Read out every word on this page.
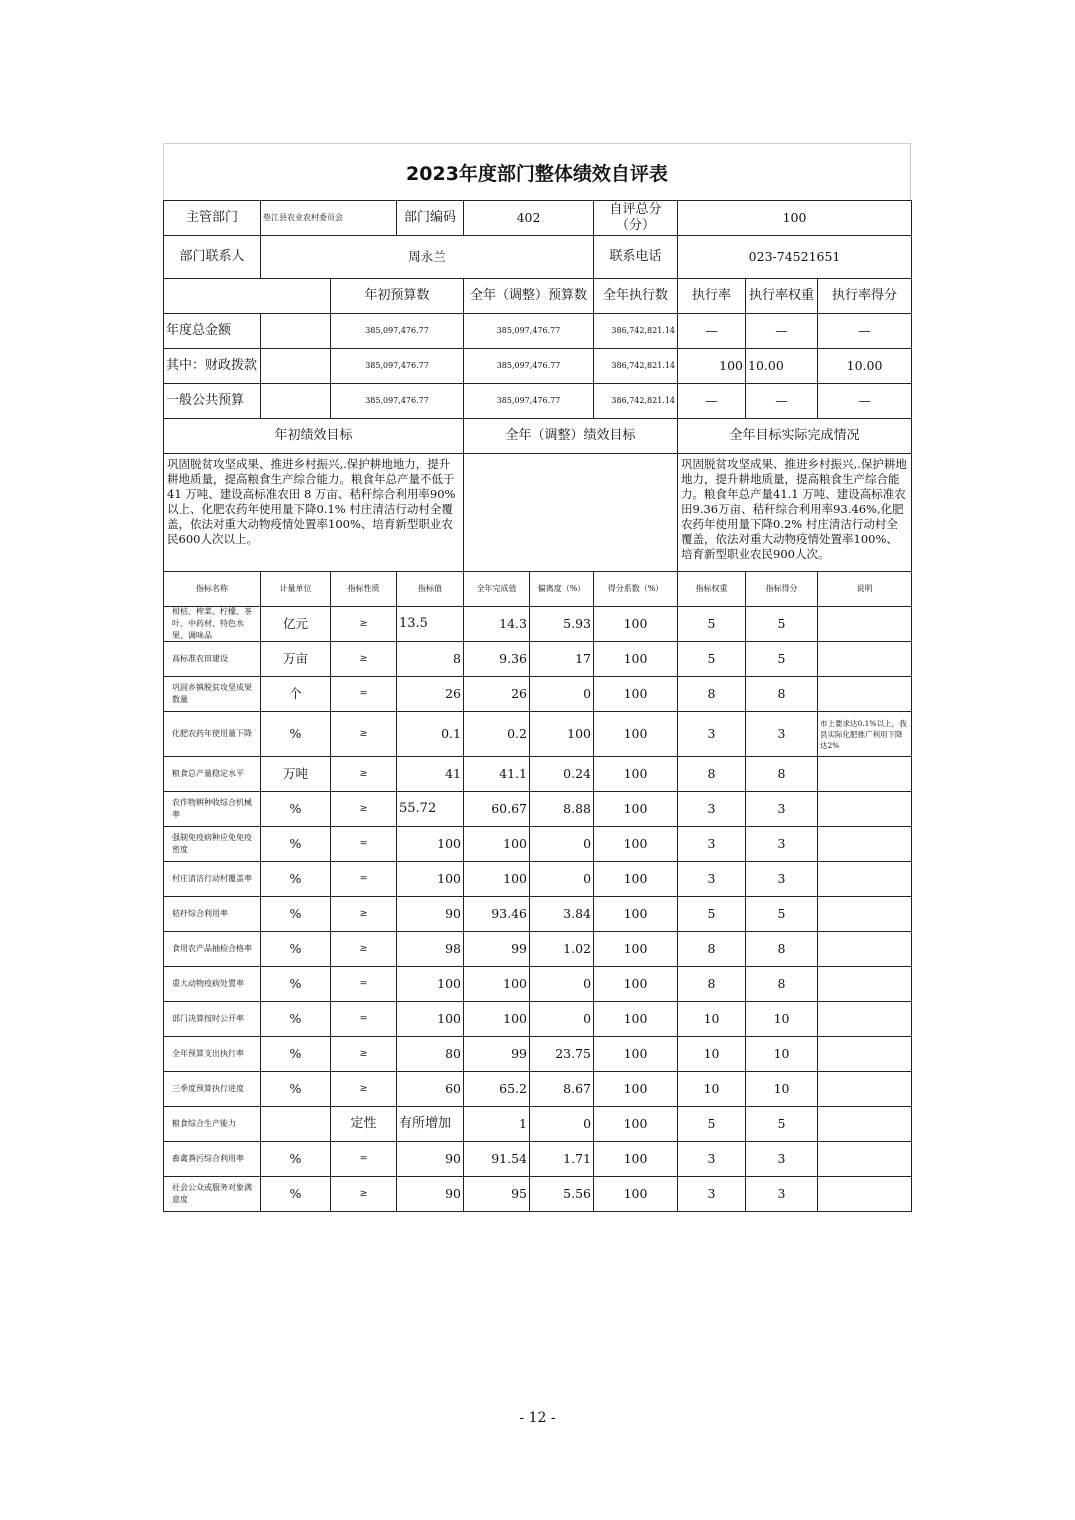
2023年度部门整体绩效自评表
主管部门	垫江县农业农村委员会		部门编码	402		自评总分（分）	100		
部门联系人	周永兰					联系电话	023-74521651		
		年初预算数		全年（调整）预算数		全年执行数	执行率	执行率权重	执行率得分
年度总金额		385,097,476.77		385,097,476.77		386,742,821.14	—	—	—
其中：财政拨款		385,097,476.77		385,097,476.77		386,742,821.14	100	10.00	10.00
一般公共预算		385,097,476.77		385,097,476.77		386,742,821.14	—	—	—
年初绩效目标				全年（调整）绩效目标			全年目标实际完成情况		
巩固脱贫攻坚成果、推进乡村振兴,.保护耕地地力，提升耕地质量，提高粮食生产综合能力。粮食年总产量不低于41 万吨、建设高标准农田 8 万亩、秸秆综合利用率90%以上、化肥农药年使用量下降0.1% 村庄清洁行动村全覆盖，依法对重大动物疫情处置率100%、培育新型职业农民600人次以上。							巩固脱贫攻坚成果、推进乡村振兴,.保护耕地地力，提升耕地质量，提高粮食生产综合能力。粮食年总产量41.1 万吨、建设高标准农田9.36万亩、秸秆综合利用率93.46%,化肥农药年使用量下降0.2% 村庄清洁行动村全覆盖，依法对重大动物疫情处置率100%、培育新型职业农民900人次。		
指标名称	计量单位	指标性质	指标值	全年完成值	偏离度（%）	得分系数（%）	指标权重	指标得分	说明

柑桔、榨菜、柠檬、茶叶、中药材、特色水果、调味品	亿元	≥	13.5	14.3	5.93	100	5	5	

高标准农田建设	万亩	≥	8	9.36	17	100	5	5	

巩固乡镇脱贫攻坚成果数量	个	=	26	26	0	100	8	8	

化肥农药年使用量下降	%	≥	0.1	0.2	100	100	3	3	市上要求达0.1%以上，我县实际化肥推广利用下降达2%

粮食总产量稳定水平	万吨	≥	41	41.1	0.24	100	8	8	

农作物耕种收综合机械率	%	≥	55.72	60.67	8.88	100	3	3	

强制免疫病种应免免疫密度	%	=	100	100	0	100	3	3	

村庄清洁行动村覆盖率	%	=	100	100	0	100	3	3	

秸秆综合利用率	%	≥	90	93.46	3.84	100	5	5	

食用农产品抽检合格率	%	≥	98	99	1.02	100	8	8	

重大动物疫病处置率	%	=	100	100	0	100	8	8	

部门决算按时公开率	%	=	100	100	0	100	10	10	

全年预算支出执行率	%	≥	80	99	23.75	100	10	10	

三季度预算执行进度	%	≥	60	65.2	8.67	100	10	10	

粮食综合生产能力		定性	有所增加	1	0	100	5	5	

畜禽粪污综合利用率	%	=	90	91.54	1.71	100	3	3	

社会公众或服务对象满意度	%	≥	90	95	5.56	100	3	3	
- 12 -
